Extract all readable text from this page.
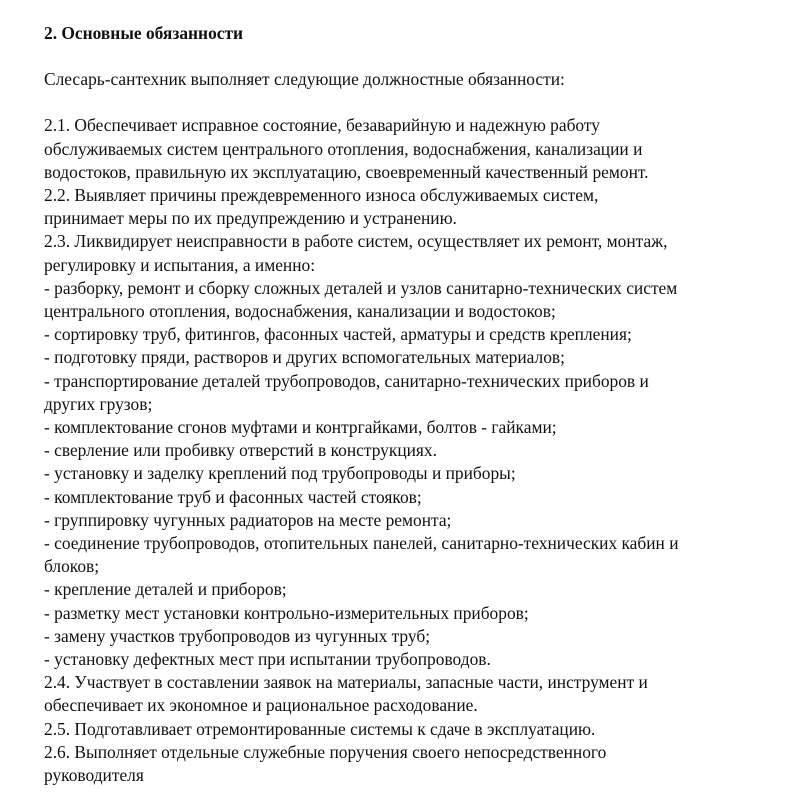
2. Основные обязанности

Слесарь-сантехник выполняет следующие должностные обязанности:

2.1. Обеспечивает исправное состояние, безаварийную и надежную работу

обслуживаемых систем центрального отопления, водоснабжения, канализации и

водостоков, правильную их эксплуатацию, своевременный качественный ремонт.

2.2. Выявляет причины преждевременного износа обслуживаемых систем,

принимает меры по их предупреждению и устранению.

2.3. Ликвидирует неисправности в работе систем, осуществляет их ремонт, монтаж,

регулировку и испытания, а именно:

- разборку, ремонт и сборку сложных деталей и узлов санитарно-технических систем

центрального отопления, водоснабжения, канализации и водостоков;

- сортировку труб, фитингов, фасонных частей, арматуры и средств крепления;

- подготовку пряди, растворов и других вспомогательных материалов;

- транспортирование деталей трубопроводов, санитарно-технических приборов и

других грузов;

- комплектование сгонов муфтами и контргайками, болтов - гайками;

- сверление или пробивку отверстий в конструкциях.

- установку и заделку креплений под трубопроводы и приборы;

- комплектование труб и фасонных частей стояков;

- группировку чугунных радиаторов на месте ремонта;

- соединение трубопроводов, отопительных панелей, санитарно-технических кабин и

блоков;

- крепление деталей и приборов;

- разметку мест установки контрольно-измерительных приборов;

- замену участков трубопроводов из чугунных труб;

- установку дефектных мест при испытании трубопроводов.

2.4. Участвует в составлении заявок на материалы, запасные части, инструмент и

обеспечивает их экономное и рациональное расходование.

2.5. Подготавливает отремонтированные системы к сдаче в эксплуатацию.

2.6. Выполняет отдельные служебные поручения своего непосредственного

руководителя
